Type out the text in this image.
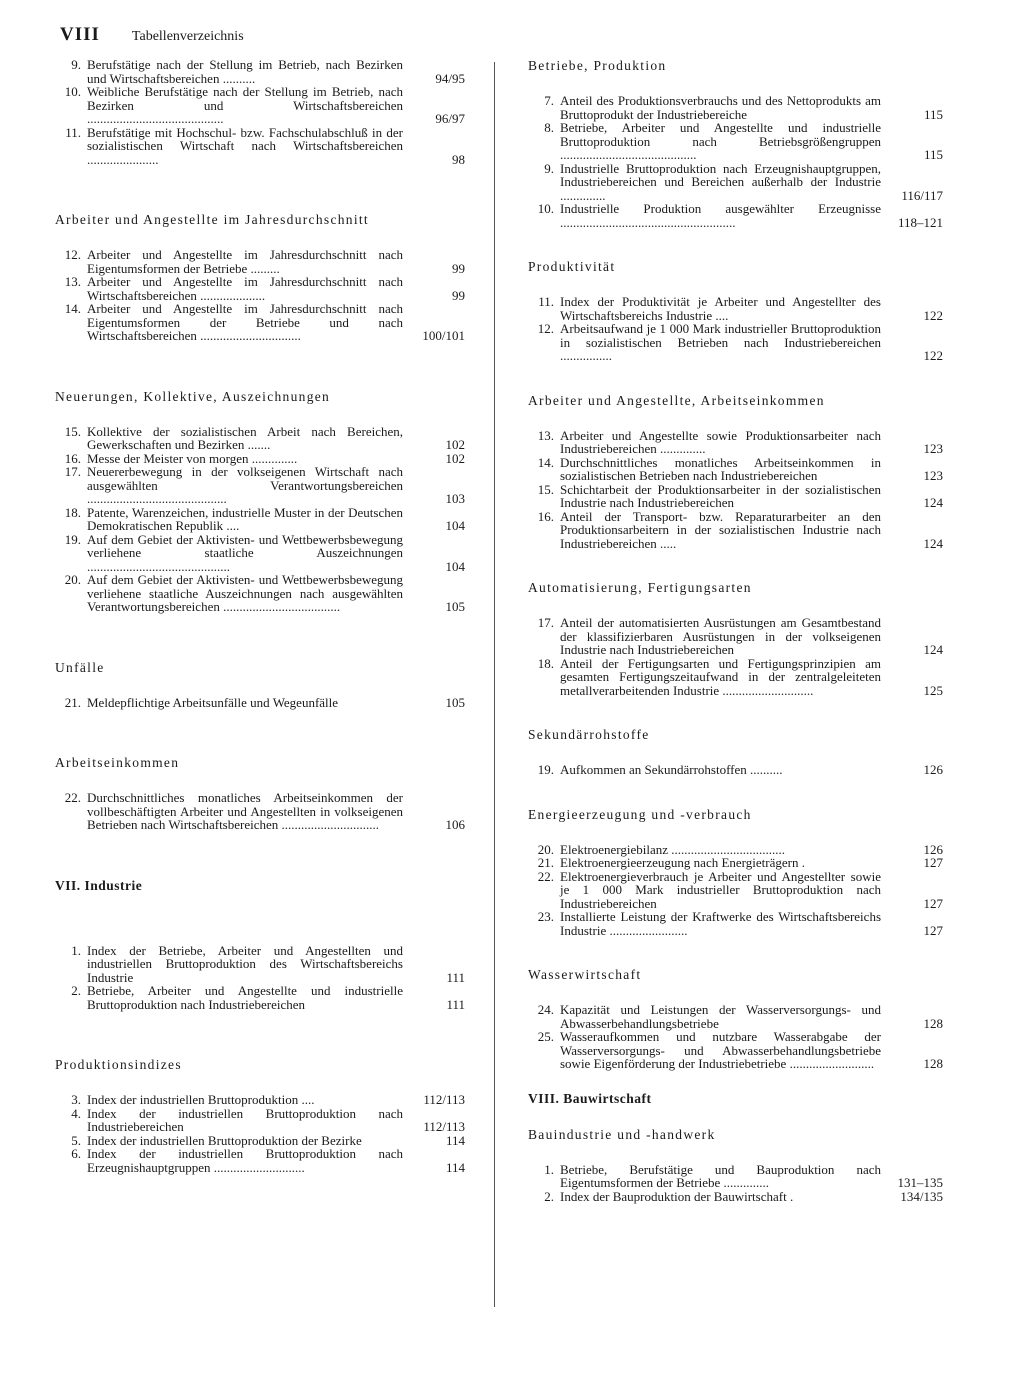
VIII Tabellenverzeichnis
9. Berufstätige nach der Stellung im Betrieb, nach Bezirken und Wirtschaftsbereichen ..........	94/95
10. Weibliche Berufstätige nach der Stellung im Betrieb, nach Bezirken und Wirtschaftsbereichen ..........................................	96/97
11. Berufstätige mit Hochschul- bzw. Fachschulabschluß in der sozialistischen Wirtschaft nach Wirtschaftsbereichen ......................	98
Arbeiter und Angestellte im Jahresdurchschnitt
12. Arbeiter und Angestellte im Jahresdurchschnitt nach Eigentumsformen der Betriebe .........	99
13. Arbeiter und Angestellte im Jahresdurchschnitt nach Wirtschaftsbereichen ....................	99
14. Arbeiter und Angestellte im Jahresdurchschnitt nach Eigentumsformen der Betriebe und nach Wirtschaftsbereichen ...............................	100/101
Neuerungen, Kollektive, Auszeichnungen
15. Kollektive der sozialistischen Arbeit nach Bereichen, Gewerkschaften und Bezirken .......	102
16. Messe der Meister von morgen ..............	102
17. Neuererbewegung in der volkseigenen Wirtschaft nach ausgewählten Verantwortungsbereichen ...........................................	103
18. Patente, Warenzeichen, industrielle Muster in der Deutschen Demokratischen Republik ....	104
19. Auf dem Gebiet der Aktivisten- und Wettbewerbsbewegung verliehene staatliche Auszeichnungen ............................................	104
20. Auf dem Gebiet der Aktivisten- und Wettbewerbsbewegung verliehene staatliche Auszeichnungen nach ausgewählten Verantwortungsbereichen ....................................	105
Unfälle
21. Meldepflichtige Arbeitsunfälle und Wegeunfälle	105
Arbeitseinkommen
22. Durchschnittliches monatliches Arbeitseinkommen der vollbeschäftigten Arbeiter und Angestellten in volkseigenen Betrieben nach Wirtschaftsbereichen ..............................	106
VII. Industrie
1. Index der Betriebe, Arbeiter und Angestellten und industriellen Bruttoproduktion des Wirtschaftsbereichs Industrie	111
2. Betriebe, Arbeiter und Angestellte und industrielle Bruttoproduktion nach Industriebereichen	111
Produktionsindizes
3. Index der industriellen Bruttoproduktion ....	112/113
4. Index der industriellen Bruttoproduktion nach Industriebereichen	112/113
5. Index der industriellen Bruttoproduktion der Bezirke	114
6. Index der industriellen Bruttoproduktion nach Erzeugnishauptgruppen ............................	114
Betriebe, Produktion
7. Anteil des Produktionsverbrauchs und des Nettoprodukts am Bruttoprodukt der Industriebereiche	115
8. Betriebe, Arbeiter und Angestellte und industrielle Bruttoproduktion nach Betriebsgrößengruppen ..........................................	115
9. Industrielle Bruttoproduktion nach Erzeugnishauptgruppen, Industriebereichen und Bereichen außerhalb der Industrie ..............	116/117
10. Industrielle Produktion ausgewählter Erzeugnisse ......................................................	118–121
Produktivität
11. Index der Produktivität je Arbeiter und Angestellter des Wirtschaftsbereichs Industrie ....	122
12. Arbeitsaufwand je 1 000 Mark industrieller Bruttoproduktion in sozialistischen Betrieben nach Industriebereichen ................	122
Arbeiter und Angestellte, Arbeitseinkommen
13. Arbeiter und Angestellte sowie Produktionsarbeiter nach Industriebereichen ..............	123
14. Durchschnittliches monatliches Arbeitseinkommen in sozialistischen Betrieben nach Industriebereichen	123
15. Schichtarbeit der Produktionsarbeiter in der sozialistischen Industrie nach Industriebereichen	124
16. Anteil der Transport- bzw. Reparaturarbeiter an den Produktionsarbeitern in der sozialistischen Industrie nach Industriebereichen .....	124
Automatisierung, Fertigungsarten
17. Anteil der automatisierten Ausrüstungen am Gesamtbestand der klassifizierbaren Ausrüstungen in der volkseigenen Industrie nach Industriebereichen	124
18. Anteil der Fertigungsarten und Fertigungsprinzipien am gesamten Fertigungszeitaufwand in der zentralgeleiteten metallverarbeitenden Industrie ............................	125
Sekundärrohstoffe
19. Aufkommen an Sekundärrohstoffen ..........	126
Energieerzeugung und -verbrauch
20. Elektroenergiebilanz ...................................	126
21. Elektroenergieerzeugung nach Energieträgern .	127
22. Elektroenergieverbrauch je Arbeiter und Angestellter sowie je 1 000 Mark industrieller Bruttoproduktion nach Industriebereichen	127
23. Installierte Leistung der Kraftwerke des Wirtschaftsbereichs Industrie ........................	127
Wasserwirtschaft
24. Kapazität und Leistungen der Wasserversorgungs- und Abwasserbehandlungsbetriebe	128
25. Wasseraufkommen und nutzbare Wasserabgabe der Wasserversorgungs- und Abwasserbehandlungsbetriebe sowie Eigenförderung der Industriebetriebe ..........................	128
VIII. Bauwirtschaft
Bauindustrie und -handwerk
1. Betriebe, Berufstätige und Bauproduktion nach Eigentumsformen der Betriebe ..............	131–135
2. Index der Bauproduktion der Bauwirtschaft .	134/135
